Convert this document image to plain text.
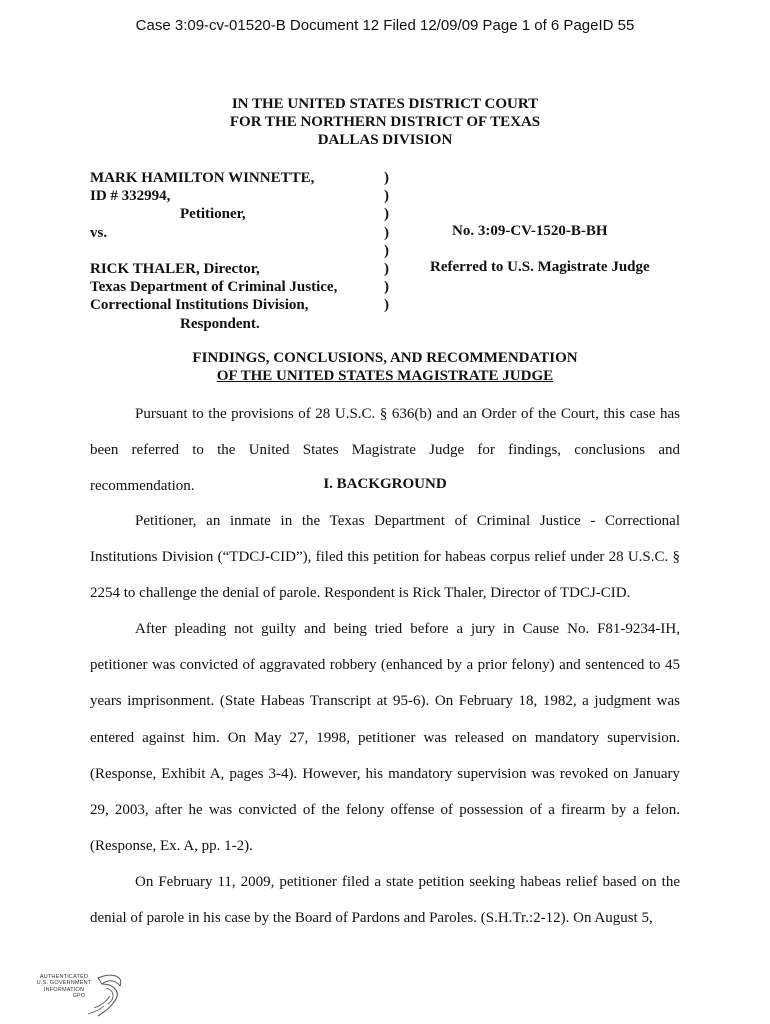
Case 3:09-cv-01520-B Document 12 Filed 12/09/09 Page 1 of 6 PageID 55
IN THE UNITED STATES DISTRICT COURT
FOR THE NORTHERN DISTRICT OF TEXAS
DALLAS DIVISION
MARK HAMILTON WINNETTE,
ID # 332994,
Petitioner,
vs.

RICK THALER, Director,
Texas Department of Criminal Justice,
Correctional Institutions Division,
Respondent.
)
)
)
)
)
)
)
)
No. 3:09-CV-1520-B-BH
Referred to U.S. Magistrate Judge
FINDINGS, CONCLUSIONS, AND RECOMMENDATION
OF THE UNITED STATES MAGISTRATE JUDGE
Pursuant to the provisions of 28 U.S.C. § 636(b) and an Order of the Court, this case has been referred to the United States Magistrate Judge for findings, conclusions and recommendation.	I. BACKGROUND
Petitioner, an inmate in the Texas Department of Criminal Justice - Correctional Institutions Division (“TDCJ-CID”), filed this petition for habeas corpus relief under 28 U.S.C. § 2254 to challenge the denial of parole. Respondent is Rick Thaler, Director of TDCJ-CID.
After pleading not guilty and being tried before a jury in Cause No. F81-9234-IH, petitioner was convicted of aggravated robbery (enhanced by a prior felony) and sentenced to 45 years imprisonment. (State Habeas Transcript at 95-6). On February 18, 1982, a judgment was entered against him. On May 27, 1998, petitioner was released on mandatory supervision. (Response, Exhibit A, pages 3-4). However, his mandatory supervision was revoked on January 29, 2003, after he was convicted of the felony offense of possession of a firearm by a felon. (Response, Ex. A, pp. 1-2).
On February 11, 2009, petitioner filed a state petition seeking habeas relief based on the denial of parole in his case by the Board of Pardons and Paroles. (S.H.Tr.:2-12). On August 5,
AUTHENTICATED
U.S. GOVERNMENT
INFORMATION
GPO
